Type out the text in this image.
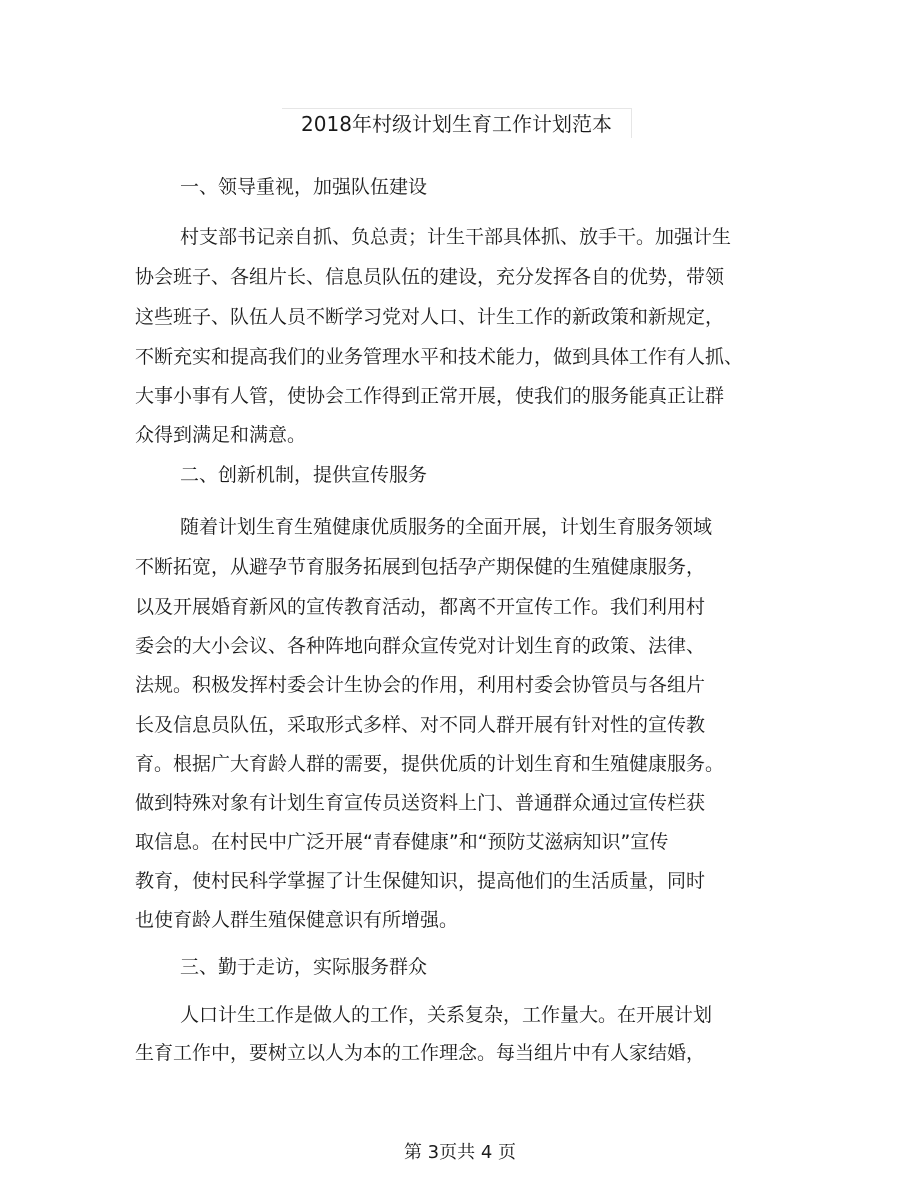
2018年村级计划生育工作计划范本
一、领导重视，加强队伍建设
村支部书记亲自抓、负总责；计生干部具体抓、放手干。加强计生
协会班子、各组片长、信息员队伍的建设，充分发挥各自的优势，带领
这些班子、队伍人员不断学习党对人口、计生工作的新政策和新规定，
不断充实和提高我们的业务管理水平和技术能力，做到具体工作有人抓、
大事小事有人管，使协会工作得到正常开展，使我们的服务能真正让群
众得到满足和满意。
二、创新机制，提供宣传服务
随着计划生育生殖健康优质服务的全面开展，计划生育服务领域
不断拓宽，从避孕节育服务拓展到包括孕产期保健的生殖健康服务，
以及开展婚育新风的宣传教育活动，都离不开宣传工作。我们利用村
委会的大小会议、各种阵地向群众宣传党对计划生育的政策、法律、
法规。积极发挥村委会计生协会的作用，利用村委会协管员与各组片
长及信息员队伍，采取形式多样、对不同人群开展有针对性的宣传教
育。根据广大育龄人群的需要，提供优质的计划生育和生殖健康服务。
做到特殊对象有计划生育宣传员送资料上门、普通群众通过宣传栏获
取信息。在村民中广泛开展“青春健康”和“预防艾滋病知识”宣传
教育，使村民科学掌握了计生保健知识，提高他们的生活质量，同时
也使育龄人群生殖保健意识有所增强。
三、勤于走访，实际服务群众
人口计生工作是做人的工作，关系复杂，工作量大。在开展计划
生育工作中，要树立以人为本的工作理念。每当组片中有人家结婚，
第 3页共 4 页
